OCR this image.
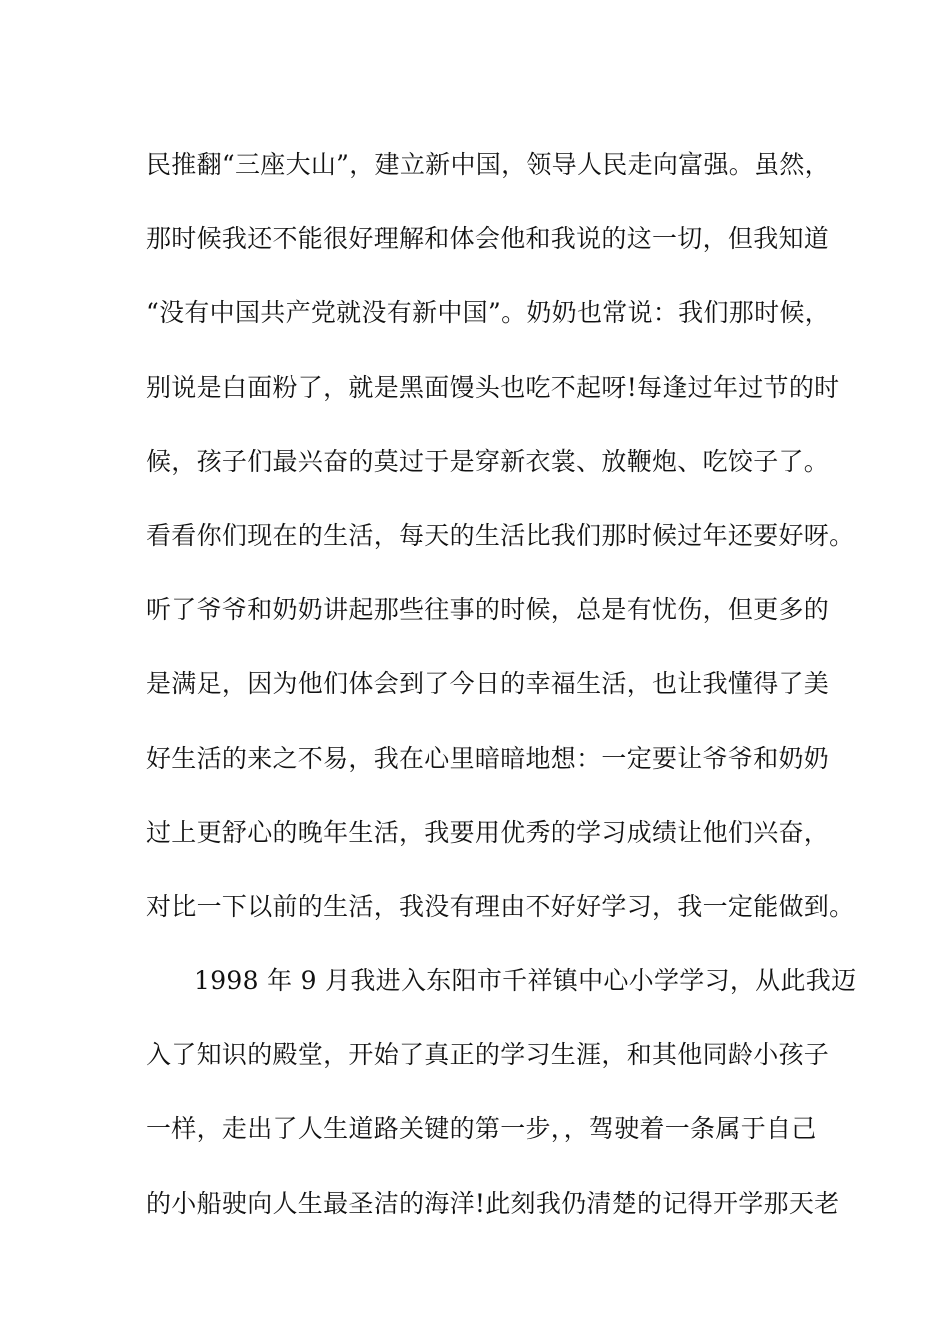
民推翻“三座大山”，建立新中国，领导人民走向富强。虽然，
那时候我还不能很好理解和体会他和我说的这一切，但我知道
“没有中国共产党就没有新中国”。奶奶也常说：我们那时候，
别说是白面粉了，就是黑面馒头也吃不起呀!每逢过年过节的时
候，孩子们最兴奋的莫过于是穿新衣裳、放鞭炮、吃饺子了。
看看你们现在的生活，每天的生活比我们那时候过年还要好呀。
听了爷爷和奶奶讲起那些往事的时候，总是有忧伤，但更多的
是满足，因为他们体会到了今日的幸福生活，也让我懂得了美
好生活的来之不易，我在心里暗暗地想：一定要让爷爷和奶奶
过上更舒心的晚年生活，我要用优秀的学习成绩让他们兴奋，
对比一下以前的生活，我没有理由不好好学习，我一定能做到。
1998 年 9 月我进入东阳市千祥镇中心小学学习，从此我迈
入了知识的殿堂，开始了真正的学习生涯，和其他同龄小孩子
一样，走出了人生道路关键的第一步，，驾驶着一条属于自己
的小船驶向人生最圣洁的海洋!此刻我仍清楚的记得开学那天老
